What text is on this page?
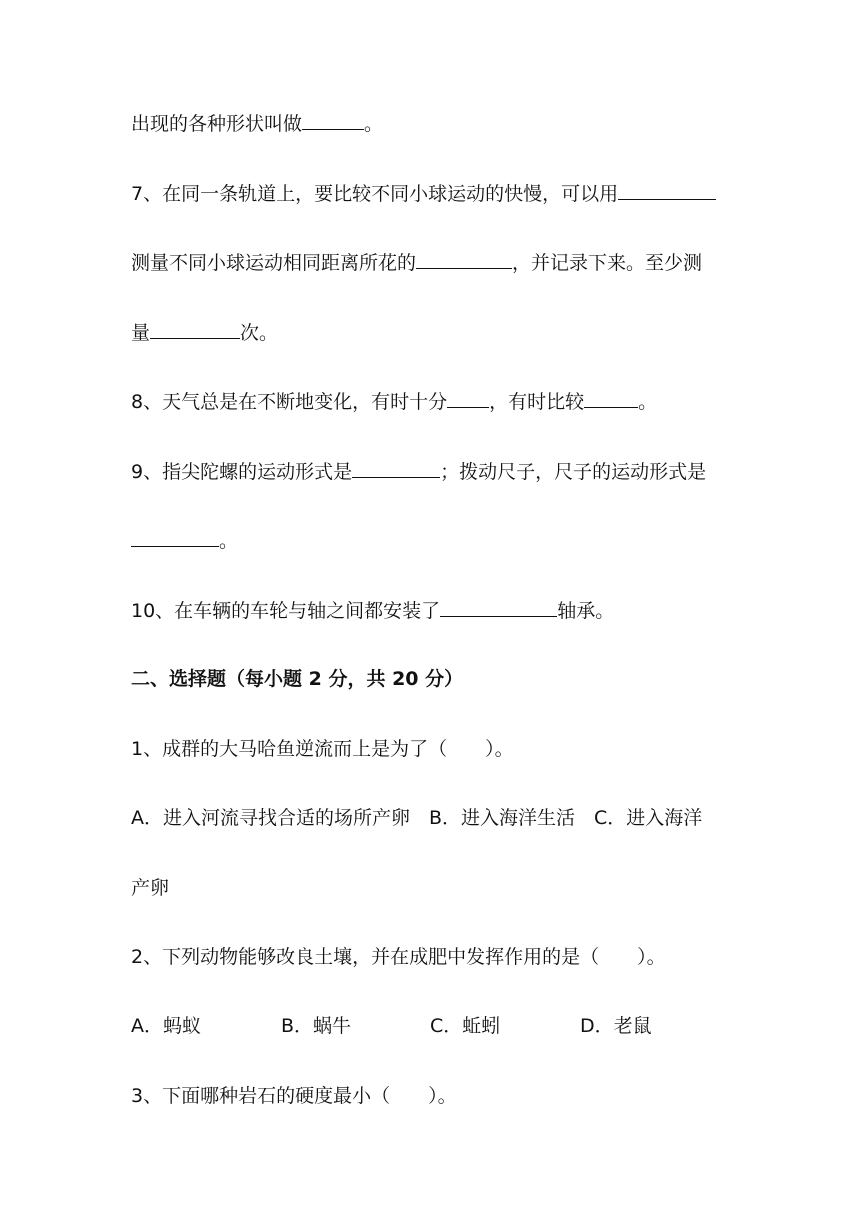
出现的各种形状叫做	。
7、在同一条轨道上，要比较不同小球运动的快慢，可以用
测量不同小球运动相同距离所花的	，并记录下来。至少测
量	次。
8、天气总是在不断地变化，有时十分 ，有时比较	。
9、指尖陀螺的运动形式是	；拨动尺子，尺子的运动形式是
。
10、在车辆的车轮与轴之间都安装了	轴承。
二、选择题（每小题 2 分，共 20 分）
1、成群的大马哈鱼逆流而上是为了（　　）。
A．进入河流寻找合适的场所产卵　B．进入海洋生活　C．进入海洋
产卵
2、下列动物能够改良土壤，并在成肥中发挥作用的是（　　）。
A．蚂蚁	B．蜗牛	C．蚯蚓	D．老鼠
3、下面哪种岩石的硬度最小（　　）。
